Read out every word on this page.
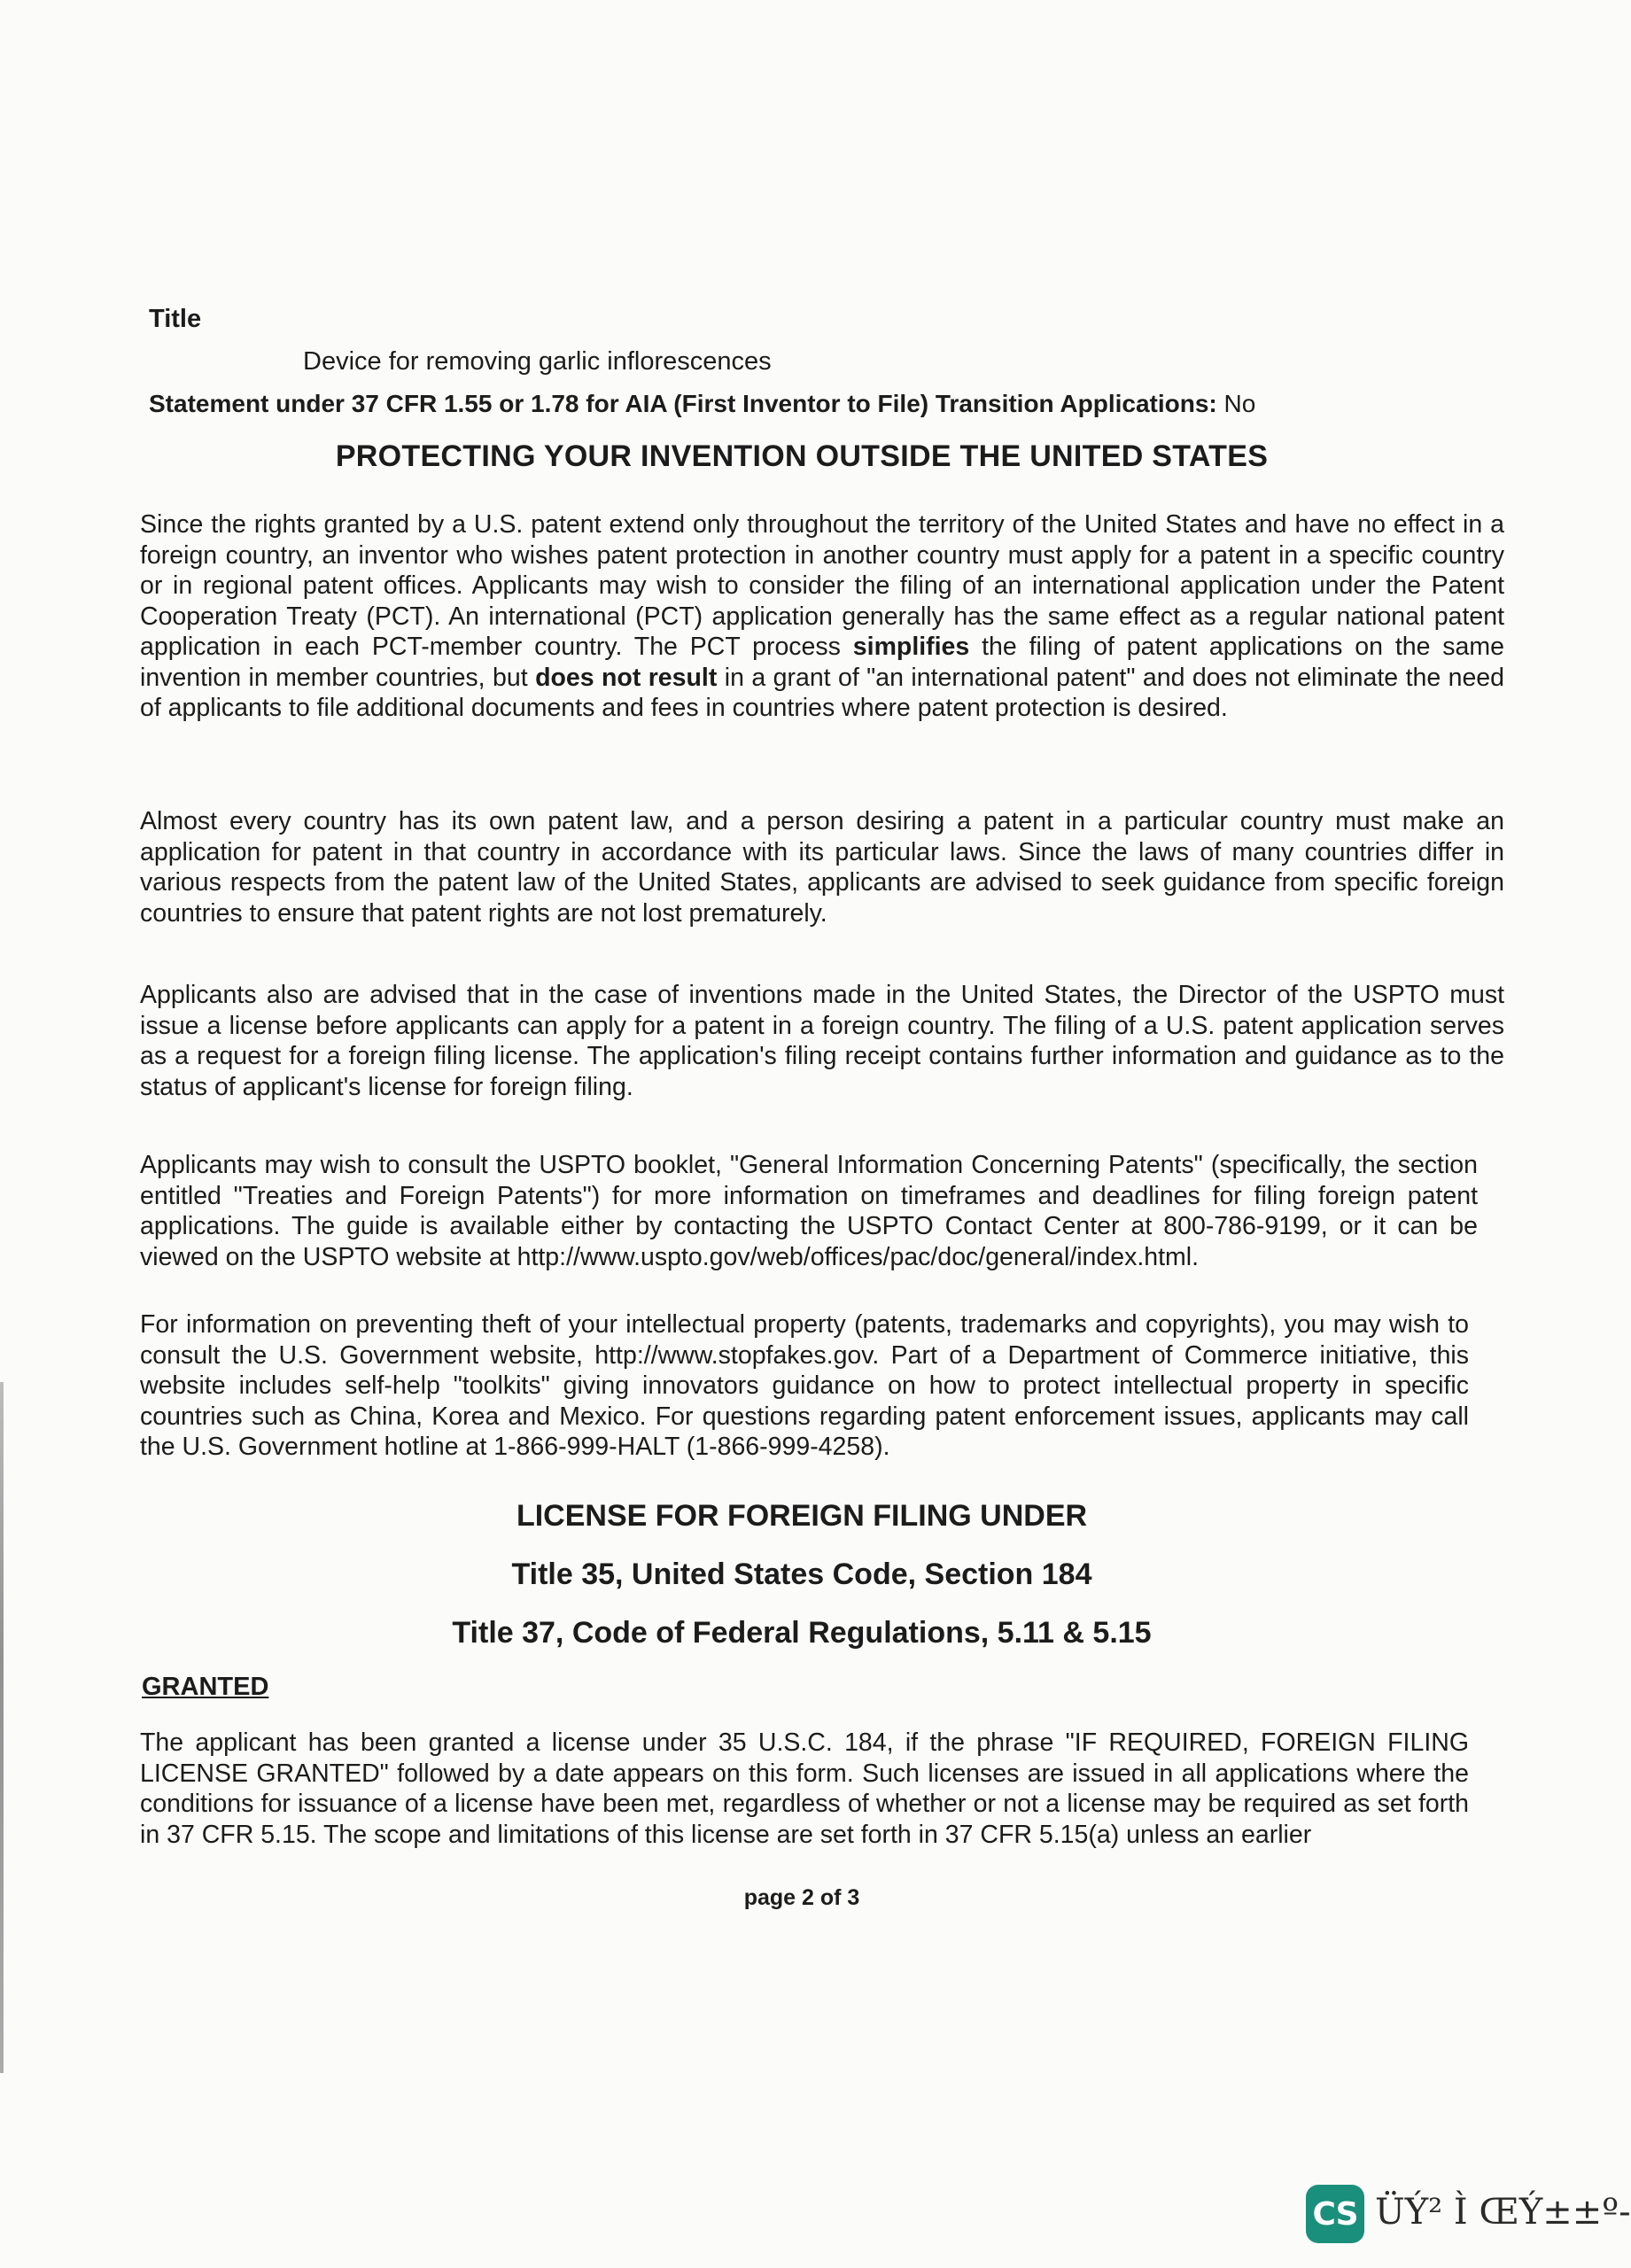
Title
Device for removing garlic inflorescences
Statement under 37 CFR 1.55 or 1.78 for AIA (First Inventor to File) Transition Applications: No
PROTECTING YOUR INVENTION OUTSIDE THE UNITED STATES
Since the rights granted by a U.S. patent extend only throughout the territory of the United States and have no effect in a foreign country, an inventor who wishes patent protection in another country must apply for a patent in a specific country or in regional patent offices. Applicants may wish to consider the filing of an international application under the Patent Cooperation Treaty (PCT). An international (PCT) application generally has the same effect as a regular national patent application in each PCT-member country. The PCT process simplifies the filing of patent applications on the same invention in member countries, but does not result in a grant of "an international patent" and does not eliminate the need of applicants to file additional documents and fees in countries where patent protection is desired.
Almost every country has its own patent law, and a person desiring a patent in a particular country must make an application for patent in that country in accordance with its particular laws. Since the laws of many countries differ in various respects from the patent law of the United States, applicants are advised to seek guidance from specific foreign countries to ensure that patent rights are not lost prematurely.
Applicants also are advised that in the case of inventions made in the United States, the Director of the USPTO must issue a license before applicants can apply for a patent in a foreign country. The filing of a U.S. patent application serves as a request for a foreign filing license. The application's filing receipt contains further information and guidance as to the status of applicant's license for foreign filing.
Applicants may wish to consult the USPTO booklet, "General Information Concerning Patents" (specifically, the section entitled "Treaties and Foreign Patents") for more information on timeframes and deadlines for filing foreign patent applications. The guide is available either by contacting the USPTO Contact Center at 800-786-9199, or it can be viewed on the USPTO website at http://www.uspto.gov/web/offices/pac/doc/general/index.html.
For information on preventing theft of your intellectual property (patents, trademarks and copyrights), you may wish to consult the U.S. Government website, http://www.stopfakes.gov. Part of a Department of Commerce initiative, this website includes self-help "toolkits" giving innovators guidance on how to protect intellectual property in specific countries such as China, Korea and Mexico. For questions regarding patent enforcement issues, applicants may call the U.S. Government hotline at 1-866-999-HALT (1-866-999-4258).
LICENSE FOR FOREIGN FILING UNDER
Title 35, United States Code, Section 184
Title 37, Code of Federal Regulations, 5.11 & 5.15
GRANTED
The applicant has been granted a license under 35 U.S.C. 184, if the phrase "IF REQUIRED, FOREIGN FILING LICENSE GRANTED" followed by a date appears on this form. Such licenses are issued in all applications where the conditions for issuance of a license have been met, regardless of whether or not a license may be required as set forth in 37 CFR 5.15. The scope and limitations of this license are set forth in 37 CFR 5.15(a) unless an earlier
page 2 of 3
CS ÜÝ² Ì ŒÝ±±º-
